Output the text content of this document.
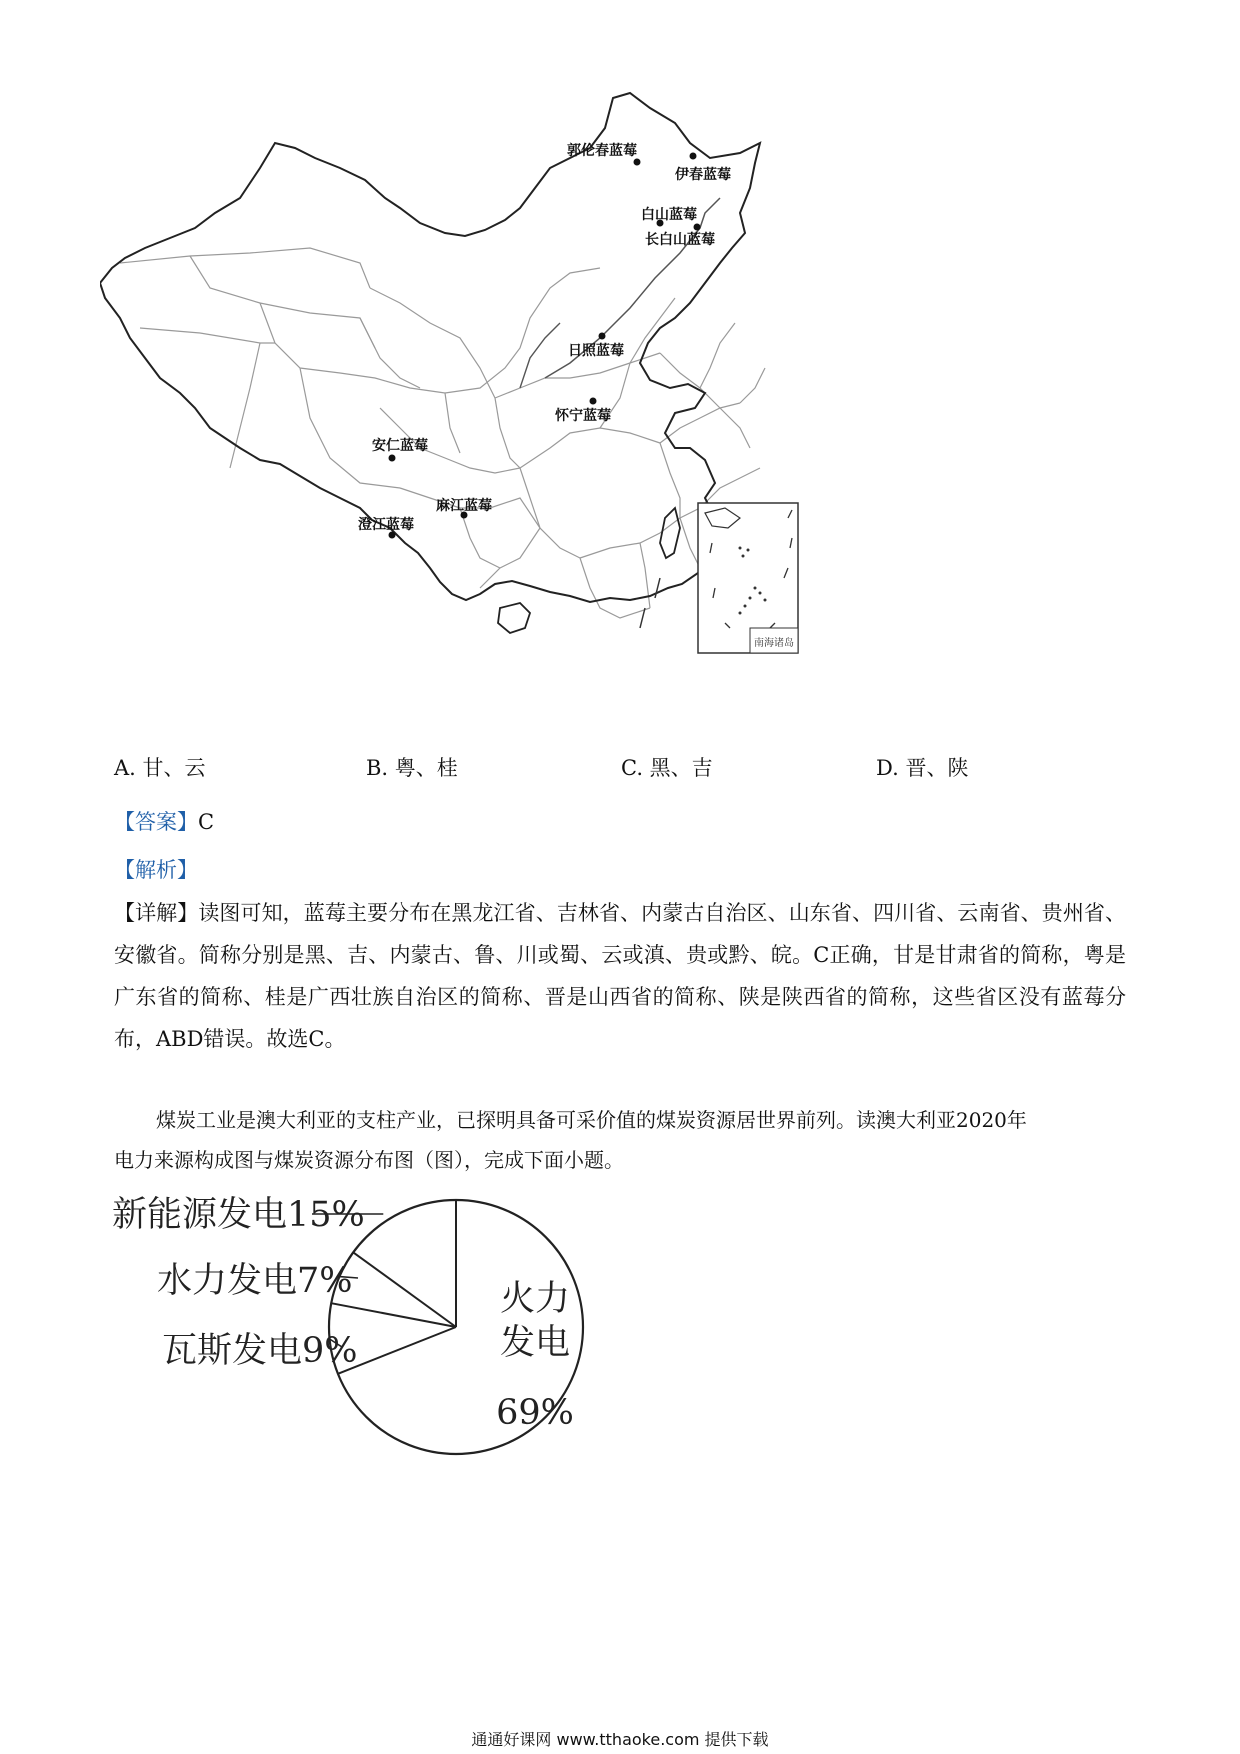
南海诸岛
郭伦春蓝莓
伊春蓝莓
白山蓝莓
长白山蓝莓
日照蓝莓
怀宁蓝莓
安仁蓝莓
麻江蓝莓
澄江蓝莓
A. 甘、云	B. 粤、桂	C. 黑、吉	D. 晋、陕
【答案】C
【解析】
【详解】读图可知，蓝莓主要分布在黑龙江省、吉林省、内蒙古自治区、山东省、四川省、云南省、贵州省、安徽省。简称分别是黑、吉、内蒙古、鲁、川或蜀、云或滇、贵或黔、皖。C正确，甘是甘肃省的简称，粤是广东省的简称、桂是广西壮族自治区的简称、晋是山西省的简称、陕是陕西省的简称，这些省区没有蓝莓分布，ABD错误。故选C。
煤炭工业是澳大利亚的支柱产业，已探明具备可采价值的煤炭资源居世界前列。读澳大利亚2020年
电力来源构成图与煤炭资源分布图（图），完成下面小题。
新能源发电15%
水力发电7%
瓦斯发电9%
火力
发电
69%
通通好课网 www.tthaoke.com 提供下载
